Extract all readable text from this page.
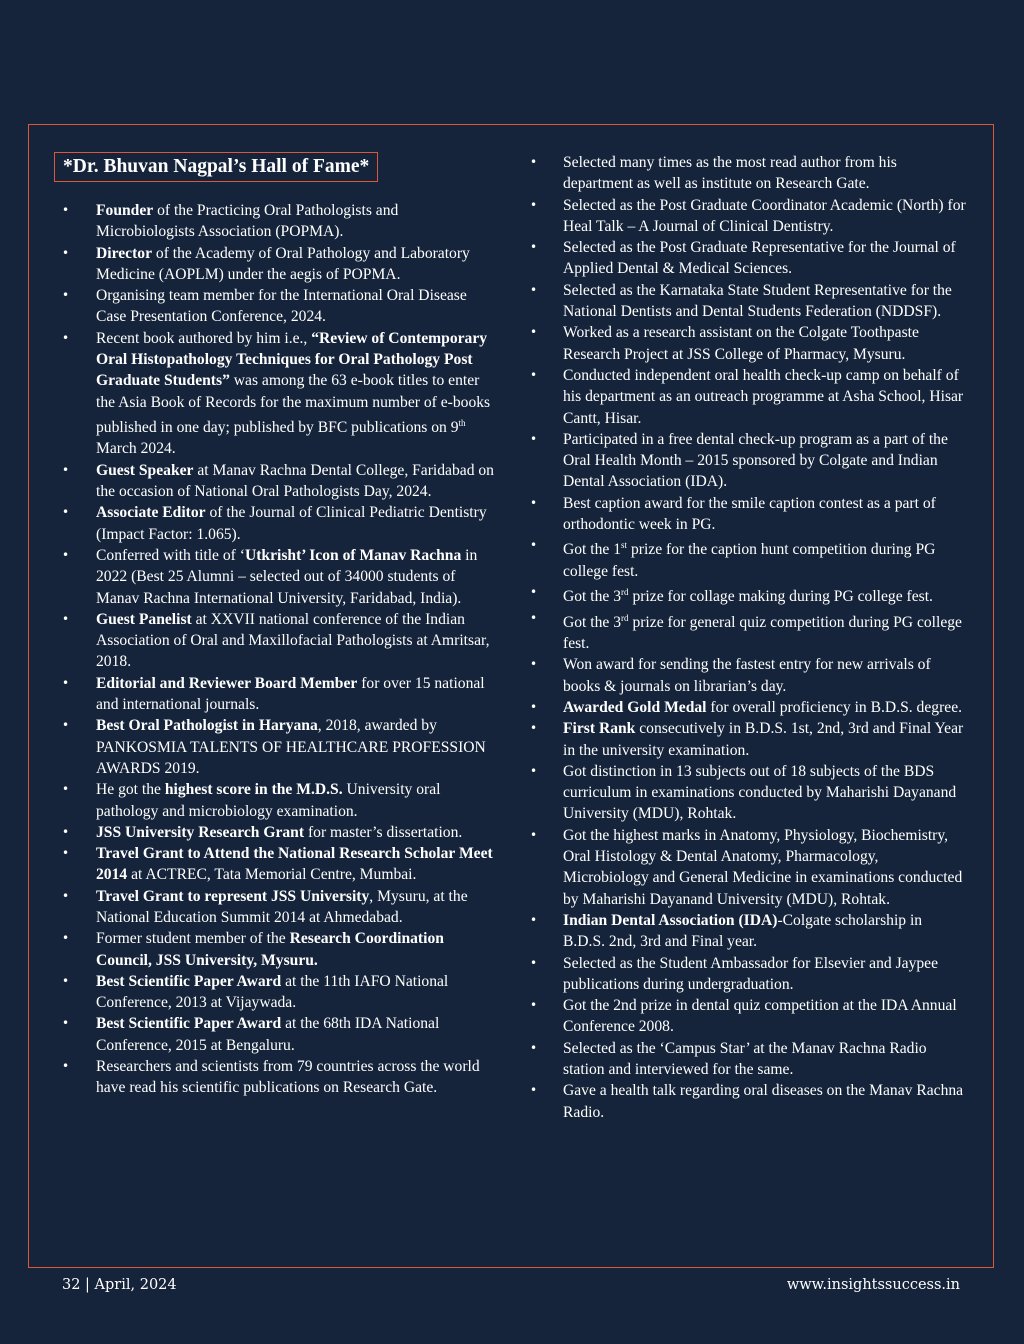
*Dr. Bhuvan Nagpal’s Hall of Fame*
• Founder of the Practicing Oral Pathologists and Microbiologists Association (POPMA).
• Director of the Academy of Oral Pathology and Laboratory Medicine (AOPLM) under the aegis of POPMA.
• Organising team member for the International Oral Disease Case Presentation Conference, 2024.
• Recent book authored by him i.e., “Review of Contemporary Oral Histopathology Techniques for Oral Pathology Post Graduate Students” was among the 63 e-book titles to enter the Asia Book of Records for the maximum number of e-books published in one day; published by BFC publications on 9th March 2024.
• Guest Speaker at Manav Rachna Dental College, Faridabad on the occasion of National Oral Pathologists Day, 2024.
• Associate Editor of the Journal of Clinical Pediatric Dentistry (Impact Factor: 1.065).
• Conferred with title of ‘Utkrisht’ Icon of Manav Rachna in 2022 (Best 25 Alumni – selected out of 34000 students of Manav Rachna International University, Faridabad, India).
• Guest Panelist at XXVII national conference of the Indian Association of Oral and Maxillofacial Pathologists at Amritsar, 2018.
• Editorial and Reviewer Board Member for over 15 national and international journals.
• Best Oral Pathologist in Haryana, 2018, awarded by PANKOSMIA TALENTS OF HEALTHCARE PROFESSION AWARDS 2019.
• He got the highest score in the M.D.S. University oral pathology and microbiology examination.
• JSS University Research Grant for master’s dissertation.
• Travel Grant to Attend the National Research Scholar Meet 2014 at ACTREC, Tata Memorial Centre, Mumbai.
• Travel Grant to represent JSS University, Mysuru, at the National Education Summit 2014 at Ahmedabad.
• Former student member of the Research Coordination Council, JSS University, Mysuru.
• Best Scientific Paper Award at the 11th IAFO National Conference, 2013 at Vijaywada.
• Best Scientific Paper Award at the 68th IDA National Conference, 2015 at Bengaluru.
• Researchers and scientists from 79 countries across the world have read his scientific publications on Research Gate.
• Selected many times as the most read author from his department as well as institute on Research Gate.
• Selected as the Post Graduate Coordinator Academic (North) for Heal Talk – A Journal of Clinical Dentistry.
• Selected as the Post Graduate Representative for the Journal of Applied Dental & Medical Sciences.
• Selected as the Karnataka State Student Representative for the National Dentists and Dental Students Federation (NDDSF).
• Worked as a research assistant on the Colgate Toothpaste Research Project at JSS College of Pharmacy, Mysuru.
• Conducted independent oral health check-up camp on behalf of his department as an outreach programme at Asha School, Hisar Cantt, Hisar.
• Participated in a free dental check-up program as a part of the Oral Health Month – 2015 sponsored by Colgate and Indian Dental Association (IDA).
• Best caption award for the smile caption contest as a part of orthodontic week in PG.
• Got the 1st prize for the caption hunt competition during PG college fest.
• Got the 3rd prize for collage making during PG college fest.
• Got the 3rd prize for general quiz competition during PG college fest.
• Won award for sending the fastest entry for new arrivals of books & journals on librarian’s day.
• Awarded Gold Medal for overall proficiency in B.D.S. degree.
• First Rank consecutively in B.D.S. 1st, 2nd, 3rd and Final Year in the university examination.
• Got distinction in 13 subjects out of 18 subjects of the BDS curriculum in examinations conducted by Maharishi Dayanand University (MDU), Rohtak.
• Got the highest marks in Anatomy, Physiology, Biochemistry, Oral Histology & Dental Anatomy, Pharmacology, Microbiology and General Medicine in examinations conducted by Maharishi Dayanand University (MDU), Rohtak.
• Indian Dental Association (IDA)-Colgate scholarship in B.D.S. 2nd, 3rd and Final year.
• Selected as the Student Ambassador for Elsevier and Jaypee publications during undergraduation.
• Got the 2nd prize in dental quiz competition at the IDA Annual Conference 2008.
• Selected as the ‘Campus Star’ at the Manav Rachna Radio station and interviewed for the same.
• Gave a health talk regarding oral diseases on the Manav Rachna Radio.
32 | April, 2024	www.insightssuccess.in
